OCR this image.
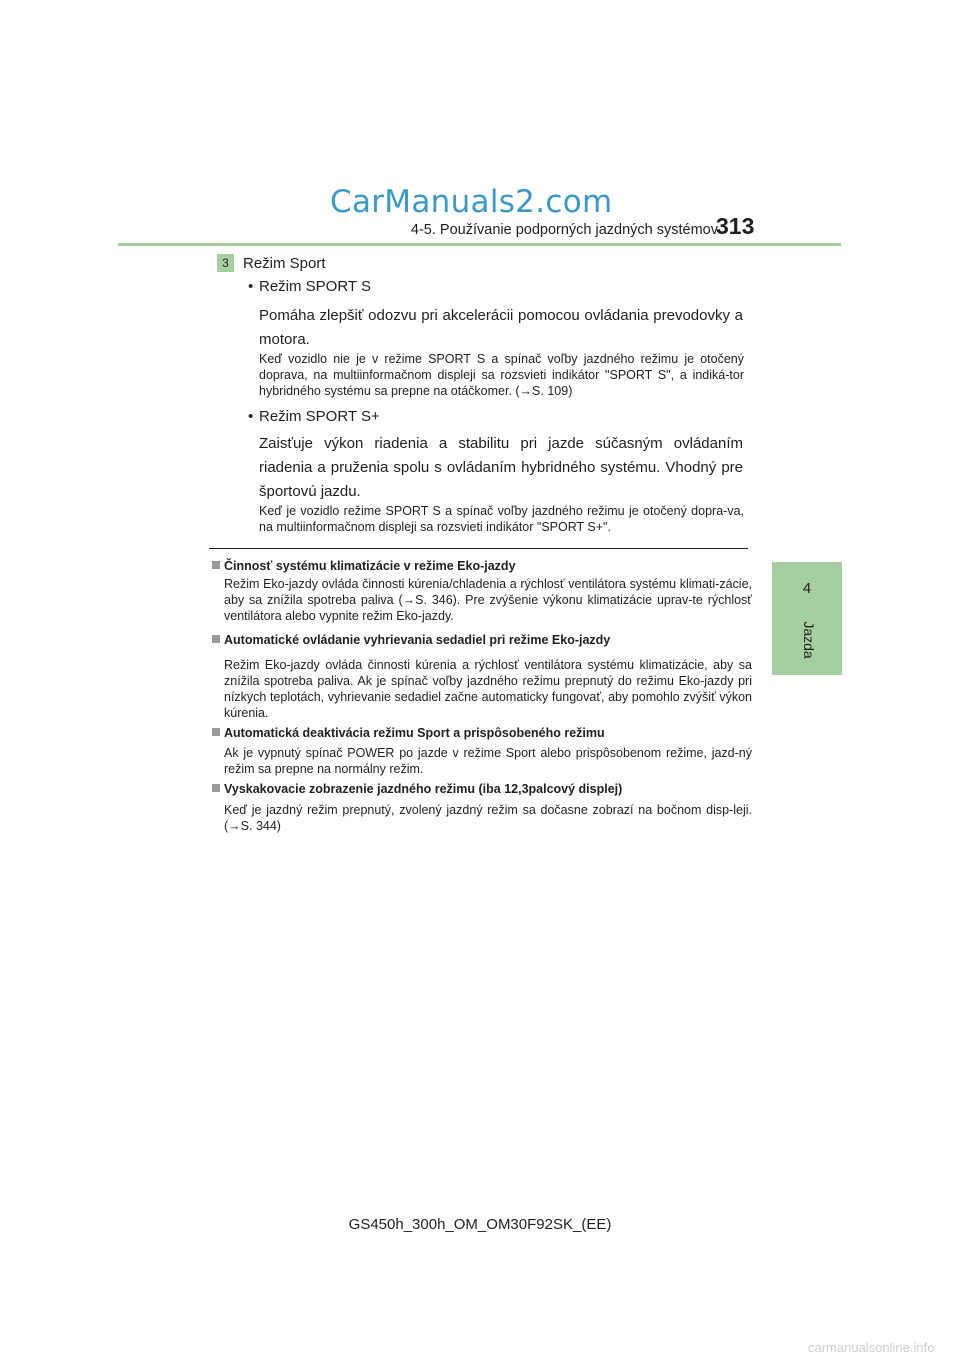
CarManuals2.com
4-5. Používanie podporných jazdných systémov
313
4
Jazda
3 Režim Sport
• Režim SPORT S
Pomáha zlepšiť odozvu pri akcelerácii pomocou ovládania prevodovky a motora.
Keď vozidlo nie je v režime SPORT S a spínač voľby jazdného režimu je otočený doprava, na multiinformačnom displeji sa rozsvieti indikátor "SPORT S", a indiká-tor hybridného systému sa prepne na otáčkomer. (→S. 109)
• Režim SPORT S+
Zaisťuje výkon riadenia a stabilitu pri jazde súčasným ovládaním riadenia a pruženia spolu s ovládaním hybridného systému. Vhodný pre športovú jazdu.
Keď je vozidlo režime SPORT S a spínač voľby jazdného režimu je otočený dopra-va, na multiinformačnom displeji sa rozsvieti indikátor "SPORT S+".
Činnosť systému klimatizácie v režime Eko-jazdy
Režim Eko-jazdy ovláda činnosti kúrenia/chladenia a rýchlosť ventilátora systému klimati-zácie, aby sa znížila spotreba paliva (→S. 346). Pre zvýšenie výkonu klimatizácie uprav-te rýchlosť ventilátora alebo vypnite režim Eko-jazdy.
Automatické ovládanie vyhrievania sedadiel pri režime Eko-jazdy
Režim Eko-jazdy ovláda činnosti kúrenia a rýchlosť ventilátora systému klimatizácie, aby sa znížila spotreba paliva. Ak je spínač voľby jazdného režimu prepnutý do režimu Eko-jazdy pri nízkych teplotách, vyhrievanie sedadiel začne automaticky fungovať, aby pomohlo zvýšiť výkon kúrenia.
Automatická deaktivácia režimu Sport a prispôsobeného režimu
Ak je vypnutý spínač POWER po jazde v režime Sport alebo prispôsobenom režime, jazd-ný režim sa prepne na normálny režim.
Vyskakovacie zobrazenie jazdného režimu (iba 12,3palcový displej)
Keď je jazdný režim prepnutý, zvolený jazdný režim sa dočasne zobrazí na bočnom disp-leji. (→S. 344)
GS450h_300h_OM_OM30F92SK_(EE)
carmanualsonline.info
